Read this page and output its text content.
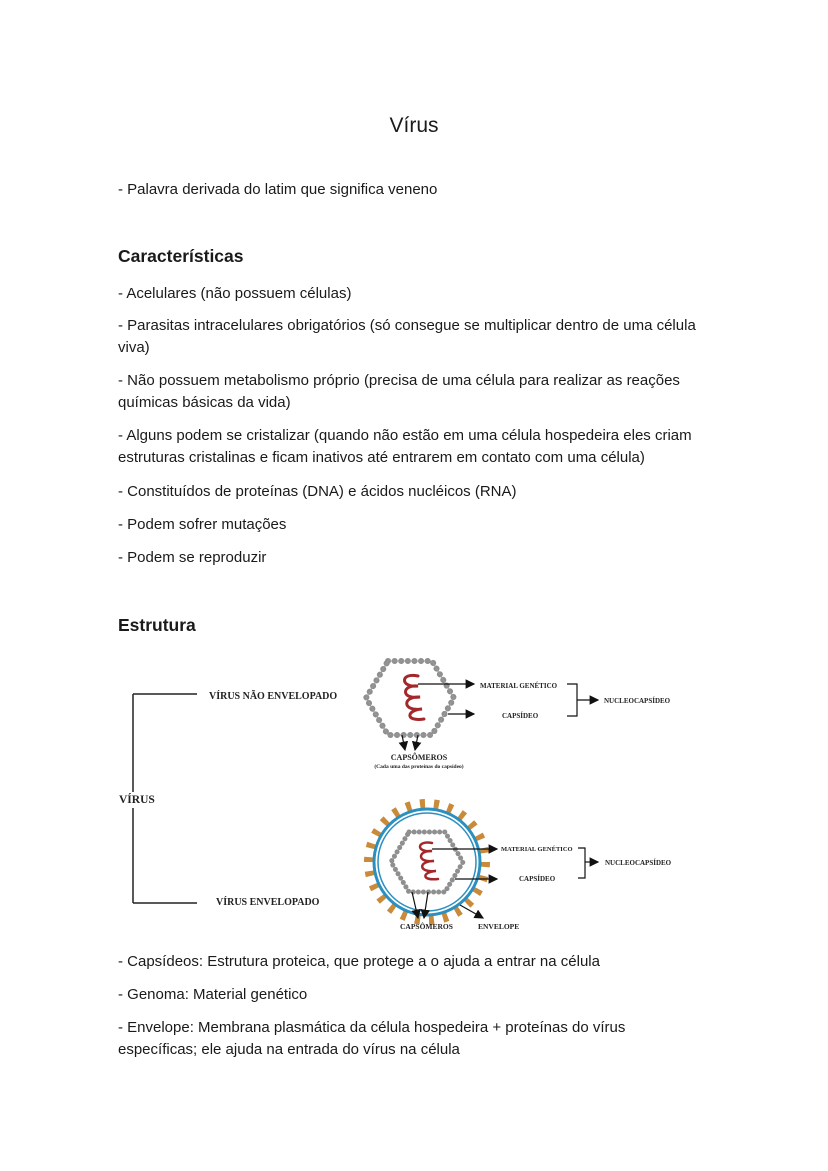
Vírus

- Palavra derivada do latim que significa veneno

Características

- Acelulares (não possuem células)

- Parasitas intracelulares obrigatórios (só consegue se multiplicar dentro de uma célula viva)

- Não possuem metabolismo próprio (precisa de uma célula para realizar as reações químicas básicas da vida)

- Alguns podem se cristalizar (quando não estão em uma célula hospedeira eles criam estruturas cristalinas e ficam inativos até entrarem em contato com uma célula)

- Constituídos de proteínas (DNA) e ácidos nucléicos (RNA)

- Podem sofrer mutações

- Podem se reproduzir

Estrutura
VÍRUS
VÍRUS NÃO ENVELOPADO
MATERIAL GENÉTICO
CAPSÍDEO
NUCLEOCAPSÍDEO
CAPSÔMEROS
(Cada uma das proteínas do capsídeo)
VÍRUS ENVELOPADO
MATERIAL GENÉTICO
CAPSÍDEO
NUCLEOCAPSÍDEO
CAPSÔMEROS	ENVELOPE

- Capsídeos: Estrutura proteica, que protege a o ajuda a entrar na célula

- Genoma: Material genético

- Envelope: Membrana plasmática da célula hospedeira + proteínas do vírus específicas; ele ajuda na entrada do vírus na célula
